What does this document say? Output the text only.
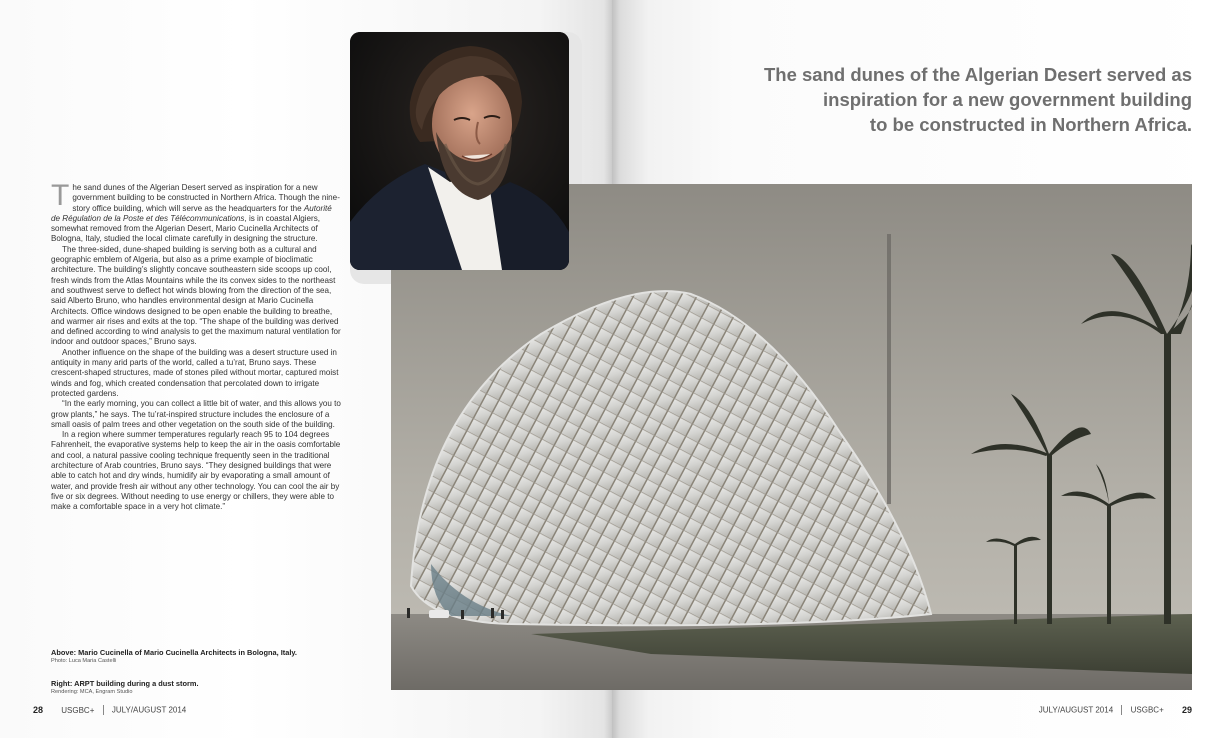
The sand dunes of the Algerian Desert served as
inspiration for a new government building
to be constructed in Northern Africa.

The sand dunes of the Algerian Desert served as inspiration for a new government building to be constructed in Northern Africa. Though the nine-story office building, which will serve as the headquarters for the Autorité de Régulation de la Poste et des Télécommunications, is in coastal Algiers, somewhat removed from the Algerian Desert, Mario Cucinella Architects of Bologna, Italy, studied the local climate carefully in designing the structure.

The three-sided, dune-shaped building is serving both as a cultural and geographic emblem of Algeria, but also as a prime example of bioclimatic architecture. The building’s slightly concave southeastern side scoops up cool, fresh winds from the Atlas Mountains while the its convex sides to the northeast and southwest serve to deflect hot winds blowing from the direction of the sea, said Alberto Bruno, who handles environmental design at Mario Cucinella Architects. Office windows designed to be open enable the building to breathe, and warmer air rises and exits at the top. “The shape of the building was derived and defined according to wind analysis to get the maximum natural ventilation for indoor and outdoor spaces,” Bruno says.

Another influence on the shape of the building was a desert structure used in antiquity in many arid parts of the world, called a tu’rat, Bruno says. These crescent-shaped structures, made of stones piled without mortar, captured moist winds and fog, which created condensation that percolated down to irrigate protected gardens.

“In the early morning, you can collect a little bit of water, and this allows you to grow plants,” he says. The tu’rat-inspired structure includes the enclosure of a small oasis of palm trees and other vegetation on the south side of the building.

In a region where summer temperatures regularly reach 95 to 104 degrees Fahrenheit, the evaporative systems help to keep the air in the oasis comfortable and cool, a natural passive cooling technique frequently seen in the traditional architecture of Arab countries, Bruno says. “They designed buildings that were able to catch hot and dry winds, humidify air by evaporating a small amount of water, and provide fresh air without any other technology. You can cool the air by five or six degrees. Without needing to use energy or chillers, they were able to make a comfortable space in a very hot climate.”

Above: Mario Cucinella of Mario Cucinella Architects in Bologna, Italy.
Photo: Luca Maria Castelli
Right: ARPT building during a dust storm.
Rendering: MCA, Engram Studio
28 USGBC+ JULY/AUGUST 2014	JULY/AUGUST 2014 USGBC+ 29
